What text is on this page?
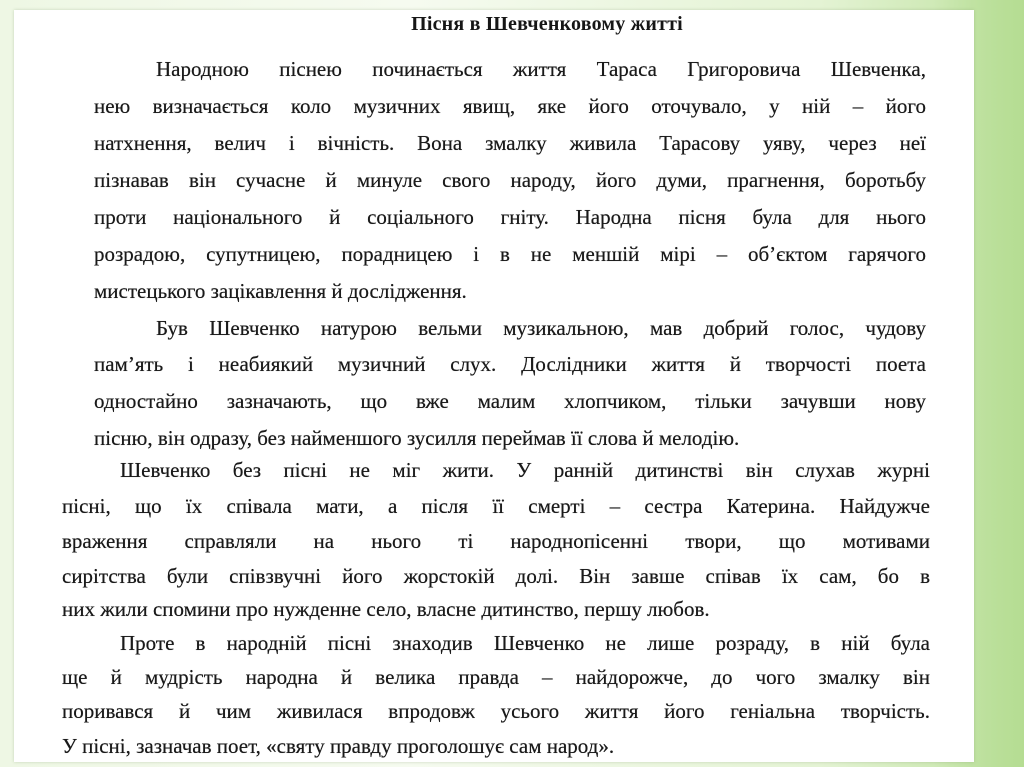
Пісня в Шевченковому житті
Народною піснею починається життя Тараса Григоровича Шевченка,
нею визначається коло музичних явищ, яке його оточувало, у ній – його
натхнення, велич і вічність. Вона змалку живила Тарасову уяву, через неї
пізнавав він сучасне й минуле свого народу, його думи, прагнення, боротьбу
проти національного й соціального гніту. Народна пісня була для нього
розрадою, супутницею, порадницею і в не меншій мірі – об’єктом гарячого
мистецького зацікавлення й дослідження.
Був Шевченко натурою вельми музикальною, мав добрий голос, чудову
пам’ять і неабиякий музичний слух. Дослідники життя й творчості поета
одностайно зазначають, що вже малим хлопчиком, тільки зачувши нову
пісню, він одразу, без найменшого зусилля переймав її слова й мелодію.
Шевченко без пісні не міг жити. У ранній дитинстві він слухав журні
пісні, що їх співала мати, а після її смерті – сестра Катерина. Найдужче
враження справляли на нього ті народнопісенні твори, що мотивами
сирітства були співзвучні його жорстокій долі. Він завше співав їх сам, бо в
них жили спомини про нужденне село, власне дитинство, першу любов.
Проте в народній пісні знаходив Шевченко не лише розраду, в ній була
ще й мудрість народна й велика правда – найдорожче, до чого змалку він
поривався й чим живилася впродовж усього життя його геніальна творчість.
У пісні, зазначав поет, «святу правду проголошує сам народ».
